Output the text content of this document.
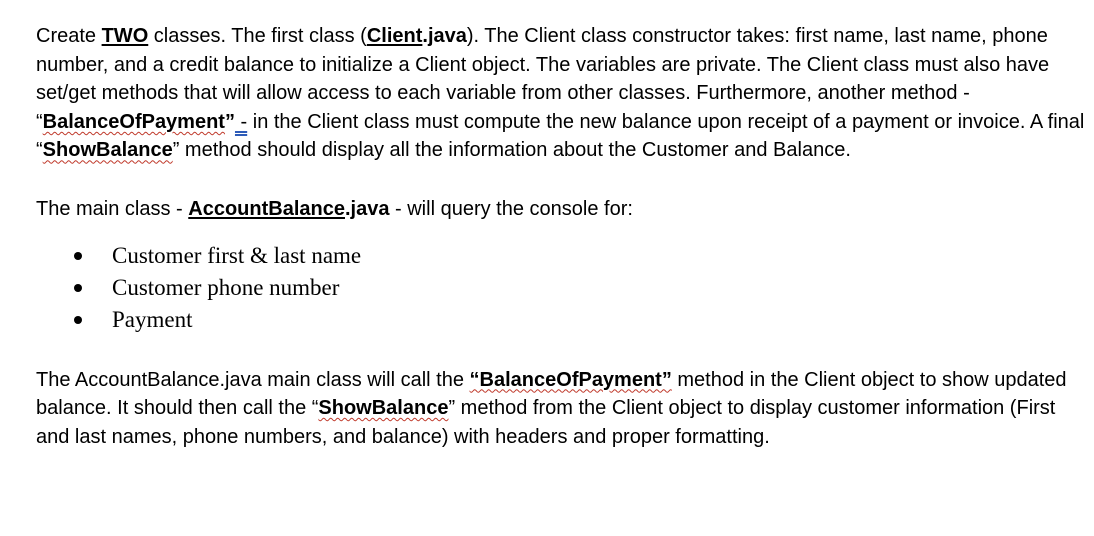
Create TWO classes. The first class (Client.java). The Client class constructor takes: first name, last name, phone number, and a credit balance to initialize a Client object. The variables are private. The Client class must also have set/get methods that will allow access to each variable from other classes. Furthermore, another method - “BalanceOfPayment” - in the Client class must compute the new balance upon receipt of a payment or invoice. A final “ShowBalance” method should display all the information about the Customer and Balance.

The main class - AccountBalance.java - will query the console for:

Customer first & last name
Customer phone number
Payment

The AccountBalance.java main class will call the “BalanceOfPayment” method in the Client object to show updated balance. It should then call the “ShowBalance” method from the Client object to display customer information (First and last names, phone numbers, and balance) with headers and proper formatting.
